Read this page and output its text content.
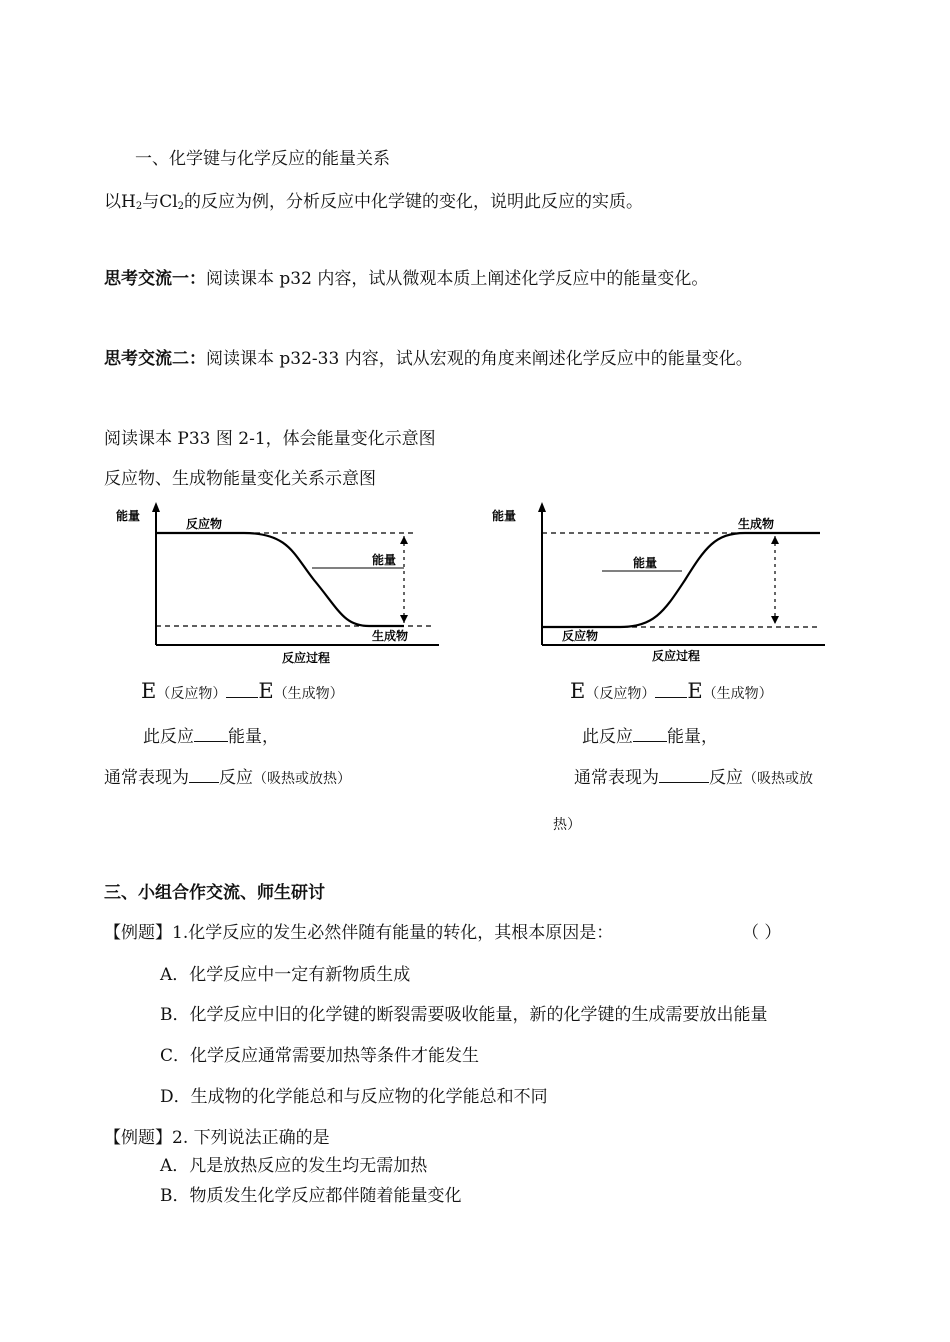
一、化学键与化学反应的能量关系
以$H_2$与$Cl_2$的反应为例，分析反应中化学键的变化，说明此反应的实质。
思考交流一：阅读课本 p32 内容，试从微观本质上阐述化学反应中的能量变化。
思考交流二：阅读课本 p32-33 内容，试从宏观的角度来阐述化学反应中的能量变化。
阅读课本 P33 图 2-1，体会能量变化示意图
反应物、生成物能量变化关系示意图
能量
反应过程
反应物
生成物
能量
能量
反应过程
反应物
生成物
能量
E（反应物） E（生成物）
此反应 能量，
通常表现为 反应（吸热或放热）
E（反应物） E（生成物）
此反应 能量，
通常表现为	反应（吸热或放
热）
三、小组合作交流、师生研讨
【例题】1.化学反应的发生必然伴随有能量的转化，其根本原因是：	（ ）
A．化学反应中一定有新物质生成
B．化学反应中旧的化学键的断裂需要吸收能量，新的化学键的生成需要放出能量
C．化学反应通常需要加热等条件才能发生
D．生成物的化学能总和与反应物的化学能总和不同
【例题】2. 下列说法正确的是
A．凡是放热反应的发生均无需加热
B．物质发生化学反应都伴随着能量变化
